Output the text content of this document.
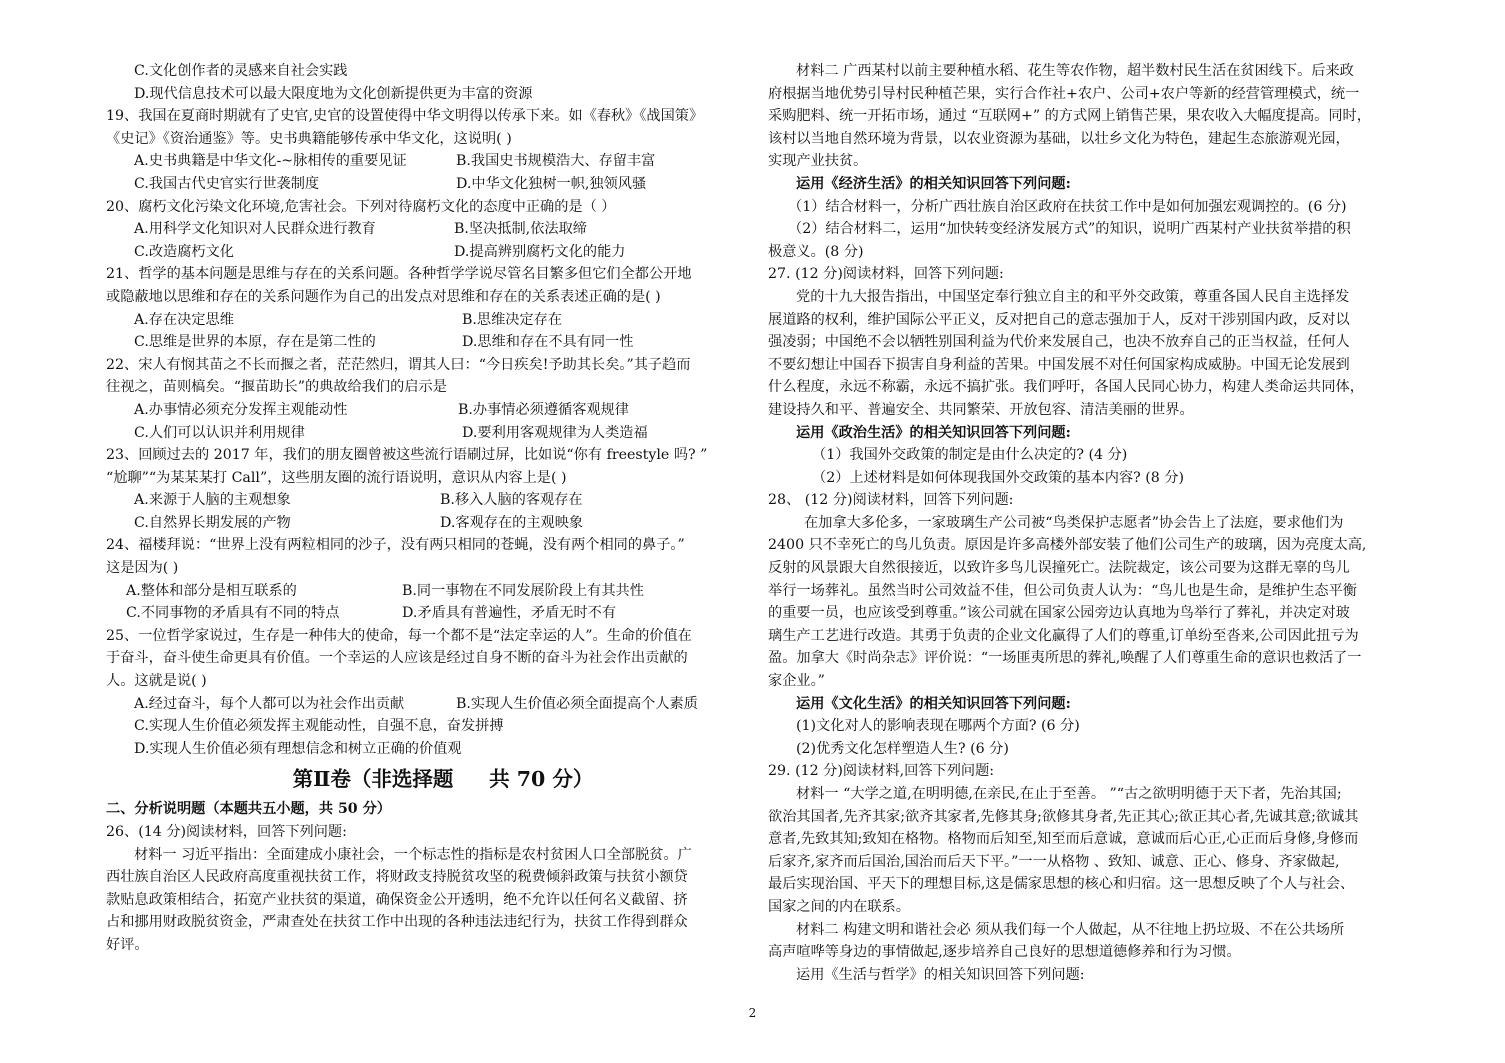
C.文化创作者的灵感来自社会实践
D.现代信息技术可以最大限度地为文化创新提供更为丰富的资源
19、我国在夏商时期就有了史官,史官的设置使得中华文明得以传承下来。如《春秋》《战国策》
《史记》《资治通鉴》等。史书典籍能够传承中华文化，这说明( )
A.史书典籍是中华文化-~脉相传的重要见证	B.我国史书规模浩大、存留丰富
C.我国古代史官实行世袭制度	D.中华文化独树一帜,独领风骚
20、腐朽文化污染文化环境,危害社会。下列对待腐朽文化的态度中正确的是（ ）
A.用科学文化知识对人民群众进行教育	B.坚决抵制,依法取缔
C.改造腐朽文化	D.提高辨别腐朽文化的能力
21、哲学的基本问题是思维与存在的关系问题。各种哲学学说尽管名目繁多但它们全都公开地
或隐蔽地以思维和存在的关系问题作为自己的出发点对思维和存在的关系表述正确的是( )
A.存在决定思维	B.思维决定存在
C.思维是世界的本原，存在是第二性的	D.思维和存在不具有同一性
22、宋人有悯其苗之不长而揠之者，茫茫然归，谓其人曰：“今日疾矣!予助其长矣。”其子趋而
往视之，苗则槁矣。“揠苗助长”的典故给我们的启示是
A.办事情必须充分发挥主观能动性	B.办事情必须遵循客观规律
C.人们可以认识并利用规律	D.要利用客观规律为人类造福
23、回顾过去的 2017 年，我们的朋友圈曾被这些流行语刷过屏，比如说“你有 freestyle 吗? ”
“尬聊”“为某某某打 Call”，这些朋友圈的流行语说明，意识从内容上是( )
A.来源于人脑的主观想象	B.移入人脑的客观存在
C.自然界长期发展的产物	D.客观存在的主观映象
24、福楼拜说：“世界上没有两粒相同的沙子，没有两只相同的苍蝇，没有两个相同的鼻子。”
这是因为( )
A.整体和部分是相互联系的	B.同一事物在不同发展阶段上有其共性
C.不同事物的矛盾具有不同的特点	D.矛盾具有普遍性，矛盾无时不有
25、一位哲学家说过，生存是一种伟大的使命，每一个都不是“法定幸运的人”。生命的价值在
于奋斗，奋斗使生命更具有价值。一个幸运的人应该是经过自身不断的奋斗为社会作出贡献的
人。这就是说( )
A.经过奋斗，每个人都可以为社会作出贡献	B.实现人生价值必须全面提高个人素质
C.实现人生价值必须发挥主观能动性，自强不息，奋发拼搏
D.实现人生价值必须有理想信念和树立正确的价值观
第Ⅱ卷（非选择题     共 70 分）
二、分析说明题（本题共五小题，共 50 分）
26、(14 分)阅读材料，回答下列问题:
材料一 习近平指出：全面建成小康社会，一个标志性的指标是农村贫困人口全部脱贫。广
西壮族自治区人民政府高度重视扶贫工作，将财政支持脱贫攻坚的税费倾斜政策与扶贫小额贷
款贴息政策相结合，拓宽产业扶贫的渠道，确保资金公开透明，绝不允许以任何名义截留、挤
占和挪用财政脱贫资金，严肃查处在扶贫工作中出现的各种违法违纪行为，扶贫工作得到群众
好评。
材料二 广西某村以前主要种植水稻、花生等农作物，超半数村民生活在贫困线下。后来政
府根据当地优势引导村民种植芒果，实行合作社+农户、公司+农户等新的经营管理模式，统一
采购肥料、统一开拓市场，通过 “互联网+” 的方式网上销售芒果，果农收入大幅度提高。同时，
该村以当地自然环境为背景，以农业资源为基础，以壮乡文化为特色，建起生态旅游观光园，
实现产业扶贫。
运用《经济生活》的相关知识回答下列问题:
（1）结合材料一，分析广西壮族自治区政府在扶贫工作中是如何加强宏观调控的。(6 分)
（2）结合材料二，运用“加快转变经济发展方式”的知识，说明广西某村产业扶贫举措的积
极意义。(8 分)
27. (12 分)阅读材料，回答下列问题:
党的十九大报告指出，中国坚定奉行独立自主的和平外交政策，尊重各国人民自主选择发
展道路的权利，维护国际公平正义，反对把自己的意志强加于人，反对干涉别国内政，反对以
强凌弱；中国绝不会以牺牲别国利益为代价来发展自己，也决不放弃自己的正当权益，任何人
不要幻想让中国吞下损害自身利益的苦果。中国发展不对任何国家构成威胁。中国无论发展到
什么程度，永远不称霸，永远不搞扩张。我们呼吁，各国人民同心协力，构建人类命运共同体，
建设持久和平、普遍安全、共同繁荣、开放包容、清洁美丽的世界。
运用《政治生活》的相关知识回答下列问题:
（1）我国外交政策的制定是由什么决定的? (4 分)
（2）上述材料是如何体现我国外交政策的基本内容? (8 分)
28、 (12 分)阅读材料，回答下列问题:
在加拿大多伦多，一家玻璃生产公司被“鸟类保护志愿者”协会告上了法庭，要求他们为
2400 只不幸死亡的鸟儿负责。原因是许多高楼外部安装了他们公司生产的玻璃，因为亮度太高,
反射的风景跟大自然很接近，以致许多鸟儿误撞死亡。法院裁定，该公司要为这群无辜的鸟儿
举行一场葬礼。虽然当时公司效益不佳，但公司负责人认为：“鸟儿也是生命，是维护生态平衡
的重要一员，也应该受到尊重。”该公司就在国家公园旁边认真地为鸟举行了葬礼，并决定对玻
璃生产工艺进行改造。其勇于负责的企业文化赢得了人们的尊重,订单纷至沓来,公司因此扭亏为
盈。加拿大《时尚杂志》评价说：“一场匪夷所思的葬礼,唤醒了人们尊重生命的意识也救活了一
家企业。”
运用《文化生活》的相关知识回答下列问题:
(1)文化对人的影响表现在哪两个方面? (6 分)
(2)优秀文化怎样塑造人生? (6 分)
29. (12 分)阅读材料,回答下列问题:
材料一 “大学之道,在明明德,在亲民,在止于至善。 ”“古之欲明明德于天下者，先治其国;
欲治其国者,先齐其家;欲齐其家者,先修其身;欲修其身者,先正其心;欲正其心者,先诚其意;欲诚其
意者,先致其知;致知在格物。格物而后知至,知至而后意诚，意诚而后心正,心正而后身修,身修而
后家齐,家齐而后国治,国治而后天下平。”一一从格物 、致知、诚意、正心、修身、齐家做起,
最后实现治国、平天下的理想目标,这是儒家思想的核心和归宿。这一思想反映了个人与社会、
国家之间的内在联系。
材料二 构建文明和谐社会必 须从我们每一个人做起，从不往地上扔垃圾、不在公共场所
高声喧哗等身边的事情做起,逐步培养自己良好的思想道德修养和行为习惯。
运用《生活与哲学》的相关知识回答下列问题:
2
